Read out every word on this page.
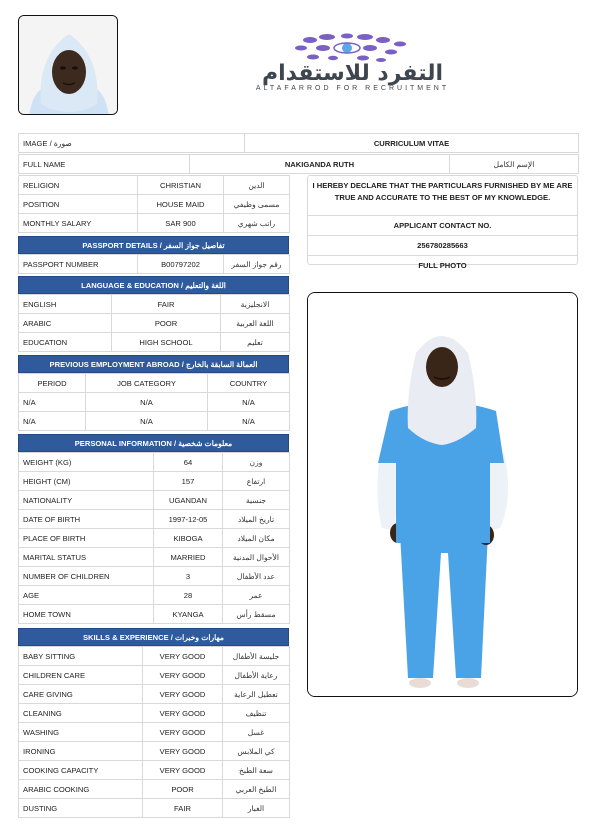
التفرد للاستقدام
ALTAFARROD FOR RECRUITMENT
IMAGE / صورة	CURRICULUM VITAE
FULL NAME	NAKIGANDA RUTH	الإسم الكامل
RELIGION	CHRISTIAN	الدين
POSITION	HOUSE MAID	مسمى وظيفي
MONTHLY SALARY	SAR 900	راتب شهري
I HEREBY DECLARE THAT THE PARTICULARS FURNISHED BY ME ARE TRUE AND ACCURATE TO THE BEST OF MY KNOWLEDGE.
APPLICANT CONTACT NO.
256780285663
FULL PHOTO
PASSPORT DETAILS / تفاصيل جواز السفر
PASSPORT NUMBER	B00797202	رقم جواز السفر
LANGUAGE & EDUCATION / اللغة والتعليم
ENGLISH	FAIR	الانجليزية
ARABIC	POOR	اللغة العربية
EDUCATION	HIGH SCHOOL	تعليم
PREVIOUS EMPLOYMENT ABROAD / العمالة السابقة بالخارج
PERIOD	JOB CATEGORY	COUNTRY
N/A	N/A	N/A
N/A	N/A	N/A
PERSONAL INFORMATION / معلومات شخصية
WEIGHT (KG)	64	وزن
HEIGHT (CM)	157	ارتفاع
NATIONALITY	UGANDAN	جنسية
DATE OF BIRTH	1997-12-05	تاريخ الميلاد
PLACE OF BIRTH	KIBOGA	مكان الميلاد
MARITAL STATUS	MARRIED	الأحوال المدنية
NUMBER OF CHILDREN	3	عدد الأطفال
AGE	28	عمر
HOME TOWN	KYANGA	مسقط رأس
SKILLS & EXPERIENCE / مهارات وخبرات
BABY SITTING	VERY GOOD	جليسة الأطفال
CHILDREN CARE	VERY GOOD	رعاية الأطفال
CARE GIVING	VERY GOOD	تعطيل الرعاية
CLEANING	VERY GOOD	تنظيف
WASHING	VERY GOOD	غسل
IRONING	VERY GOOD	كي الملابس
COOKING CAPACITY	VERY GOOD	سعة الطبخ
ARABIC COOKING	POOR	الطبخ العربي
DUSTING	FAIR	الغبار
